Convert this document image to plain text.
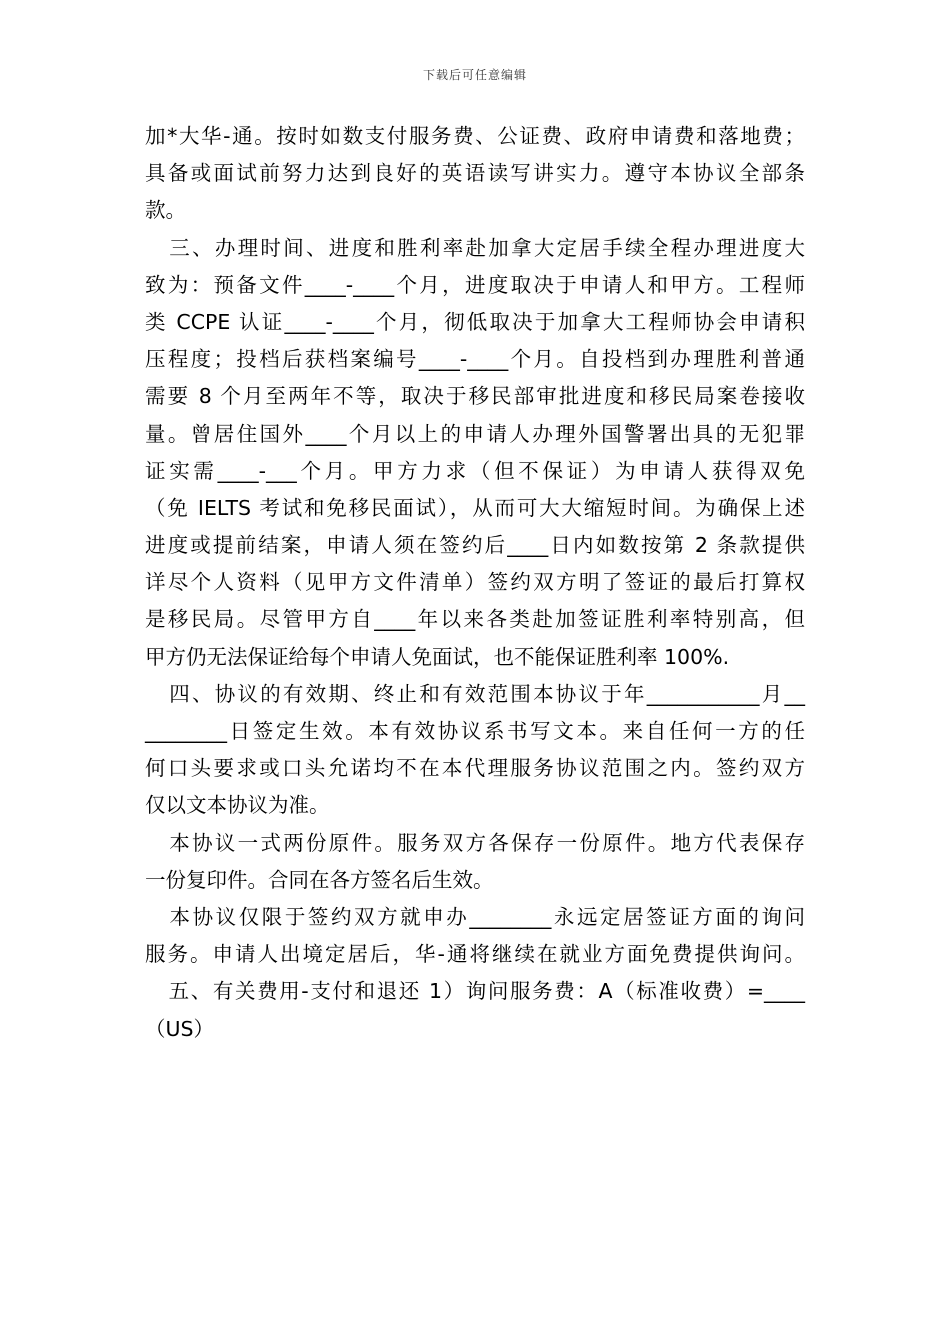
下载后可任意编辑
加*大华-通。按时如数支付服务费、公证费、政府申请费和落地费；
具备或面试前努力达到良好的英语读写讲实力。遵守本协议全部条
款。
三、办理时间、进度和胜利率赴加拿大定居手续全程办理进度大
致为：预备文件____-____个月，进度取决于申请人和甲方。工程师
类 CCPE 认证____-____个月，彻低取决于加拿大工程师协会申请积
压程度；投档后获档案编号____-____个月。自投档到办理胜利普通
需要 8 个月至两年不等，取决于移民部审批进度和移民局案卷接收
量。曾居住国外____个月以上的申请人办理外国警署出具的无犯罪
证实需____-___个月。甲方力求（但不保证）为申请人获得双免
（免 IELTS 考试和免移民面试），从而可大大缩短时间。为确保上述
进度或提前结案，申请人须在签约后____日内如数按第 2 条款提供
详尽个人资料（见甲方文件清单）签约双方明了签证的最后打算权
是移民局。尽管甲方自____年以来各类赴加签证胜利率特别高，但
甲方仍无法保证给每个申请人免面试，也不能保证胜利率 100%.
四、协议的有效期、终止和有效范围本协议于年___________月__
________日签定生效。本有效协议系书写文本。来自任何一方的任
何口头要求或口头允诺均不在本代理服务协议范围之内。签约双方
仅以文本协议为准。
本协议一式两份原件。服务双方各保存一份原件。地方代表保存
一份复印件。合同在各方签名后生效。
本协议仅限于签约双方就申办________永远定居签证方面的询问
服务。申请人出境定居后，华-通将继续在就业方面免费提供询问。
五、有关费用-支付和退还 1）询问服务费：A（标准收费）=____
（US）
